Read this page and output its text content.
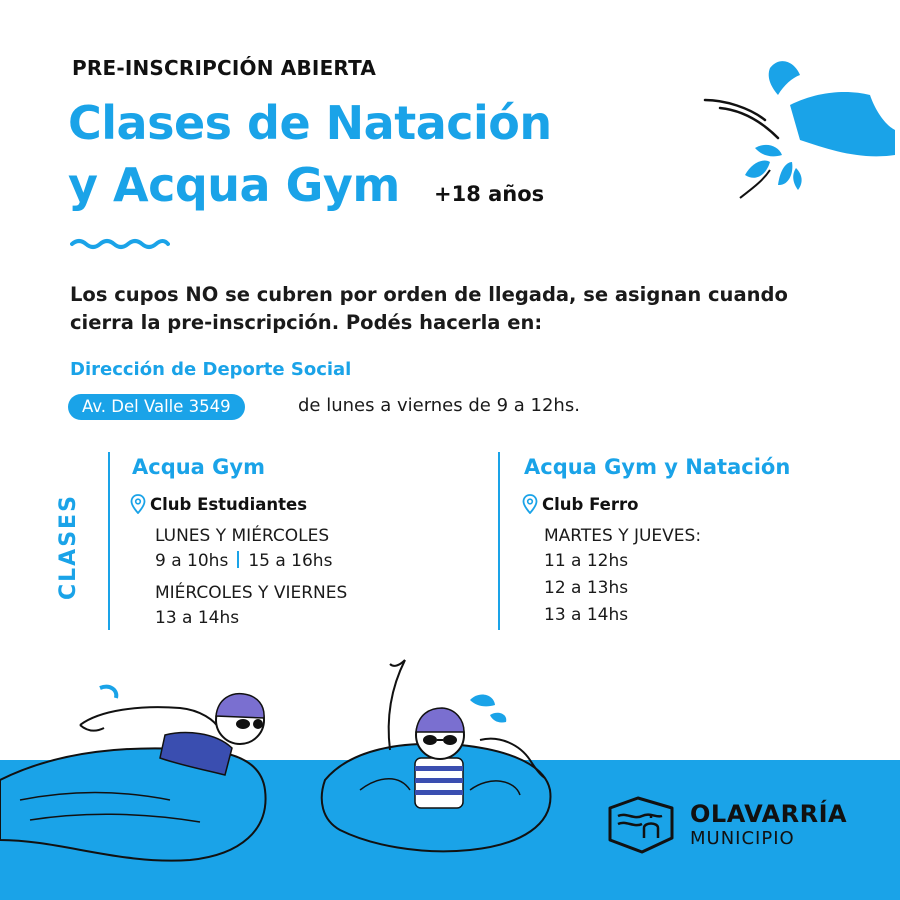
PRE-INSCRIPCIÓN ABIERTA
Clases de Natación
y Acqua Gym +18 años
Los cupos NO se cubren por orden de llegada, se asignan cuando
cierra la pre-inscripción. Podés hacerla en:
Dirección de Deporte Social
Av. Del Valle 3549	de lunes a viernes de 9 a 12hs.
CLASES
Acqua Gym
Club Estudiantes
LUNES Y MIÉRCOLES
9 a 10hs 15 a 16hs
MIÉRCOLES Y VIERNES
13 a 14hs
Acqua Gym y Natación
Club Ferro
MARTES Y JUEVES:
11 a 12hs
12 a 13hs
13 a 14hs
OLAVARRÍA
MUNICIPIO
